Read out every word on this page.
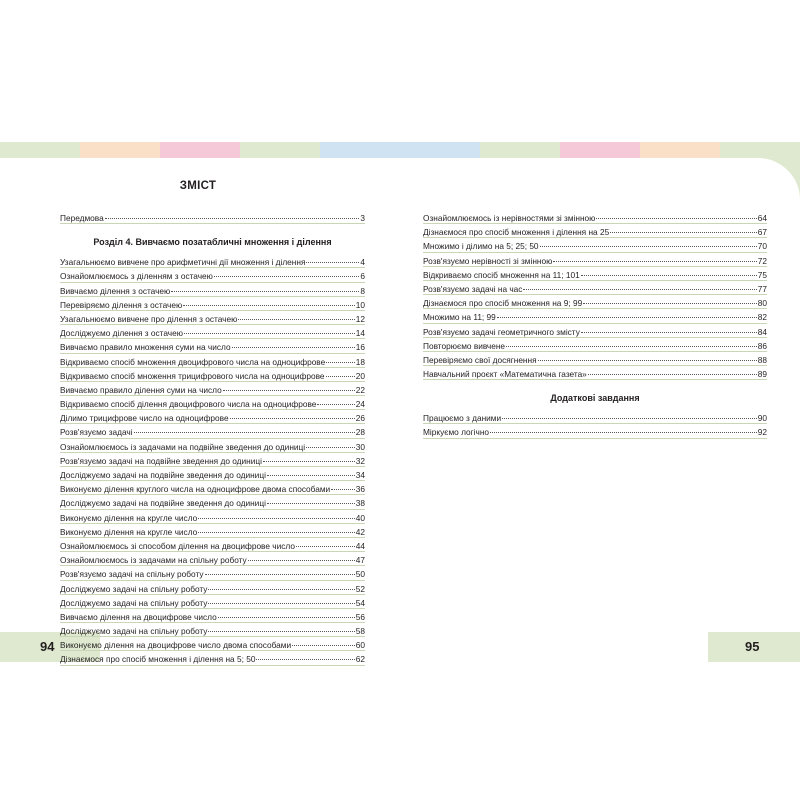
ЗМІСТ
Передмова	3
Розділ 4. Вивчаємо позатабличні множення і ділення
Узагальнюємо вивчене про арифметичні дії множення і ділення	4
Ознайомлюємось з діленням з остачею	6
Вивчаємо ділення з остачею	8
Перевіряємо ділення з остачею	10
Узагальнюємо вивчене про ділення з остачею	12
Досліджуємо ділення з остачею	14
Вивчаємо правило множення суми на число	16
Відкриваємо спосіб множення двоцифрового числа на одноцифрове	18
Відкриваємо спосіб множення трицифрового числа на одноцифрове	20
Вивчаємо правило ділення суми на число	22
Відкриваємо спосіб ділення двоцифрового числа на одноцифрове	24
Ділимо трицифрове число на одноцифрове	26
Розв'язуємо задачі	28
Ознайомлюємось із задачами на подвійне зведення до одиниці	30
Розв'язуємо задачі на подвійне зведення до одиниці	32
Досліджуємо задачі на подвійне зведення до одиниці	34
Виконуємо ділення круглого числа на одноцифрове двома способами	36
Досліджуємо задачі на подвійне зведення до одиниці	38
Виконуємо ділення на кругле число	40
Виконуємо ділення на кругле число	42
Ознайомлюємось зі способом ділення на двоцифрове число	44
Ознайомлюємось із задачами на спільну роботу	47
Розв'язуємо задачі на спільну роботу	50
Досліджуємо задачі на спільну роботу	52
Досліджуємо задачі на спільну роботу	54
Вивчаємо ділення на двоцифрове число	56
Досліджуємо задачі на спільну роботу	58
Виконуємо ділення на двоцифрове число двома способами	60
Дізнаємося про спосіб множення і ділення на 5; 50	62
Ознайомлюємось із нерівностями зі змінною	64
Дізнаємося про спосіб множення і ділення на 25	67
Множимо і ділимо на 5; 25; 50	70
Розв'язуємо нерівності зі змінною	72
Відкриваємо спосіб множення на 11; 101	75
Розв'язуємо задачі на час	77
Дізнаємося про спосіб множення на 9; 99	80
Множимо на 11; 99	82
Розв'язуємо задачі геометричного змісту	84
Повторюємо вивчене	86
Перевіряємо свої досягнення	88
Навчальний проєкт «Математична газета»	89
Додаткові завдання
Працюємо з даними	90
Міркуємо логічно	92
94	95
